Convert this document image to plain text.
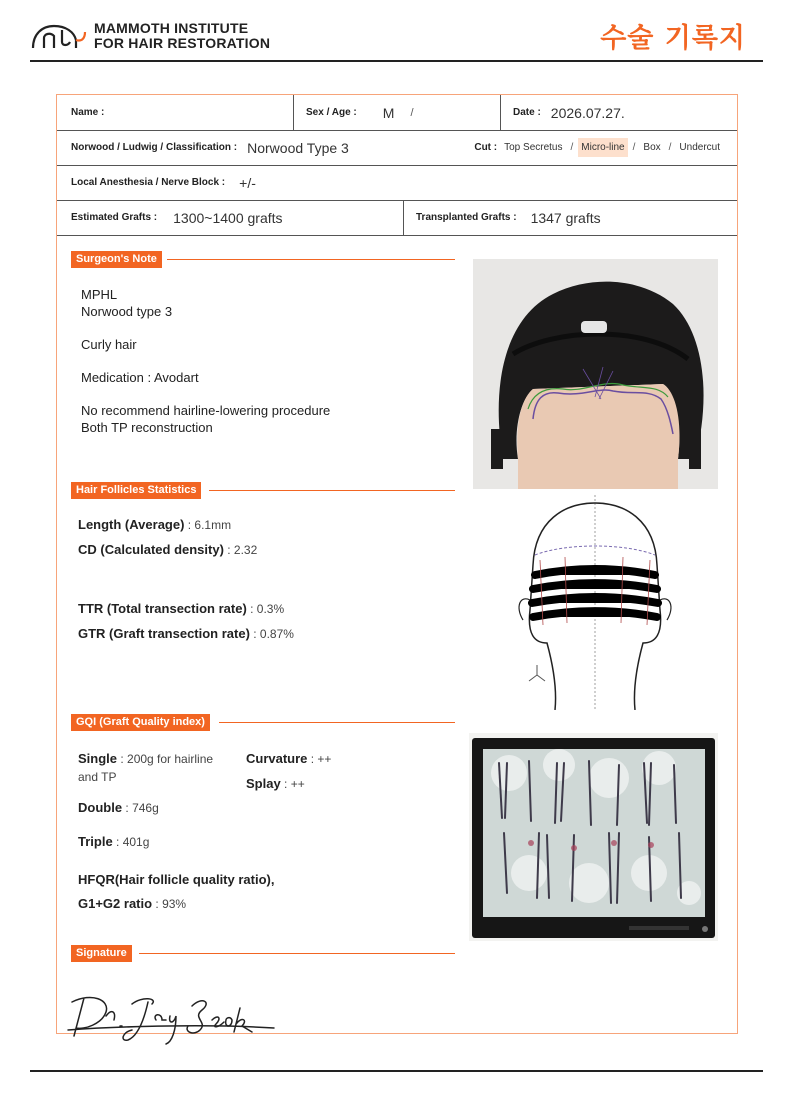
MAMMOTH INSTITUTE
FOR HAIR RESTORATION	수술 기록지
Name :	Sex / Age : M /	Date : 2026.07.27.
Norwood / Ludwig / Classification : Norwood Type 3	Cut : Top Secretus / Micro-line / Box / Undercut
Local Anesthesia / Nerve Block : +/-
Estimated Grafts : 1300~1400 grafts	Transplanted Grafts : 1347 grafts
Surgeon's Note
MPHL
Norwood type 3
Curly hair
Medication : Avodart
No recommend hairline-lowering procedure
Both TP reconstruction
Hair Follicles Statistics
Length (Average) : 6.1mm
CD (Calculated density) : 2.32
TTR (Total transection rate) : 0.3%
GTR (Graft transection rate) : 0.87%
GQI (Graft Quality index)
Single : 200g for hairline
and TP
Double : 746g
Triple : 401g
Curvature : ++
Splay : ++
HFQR(Hair follicle quality ratio),
G1+G2 ratio : 93%
Signature
